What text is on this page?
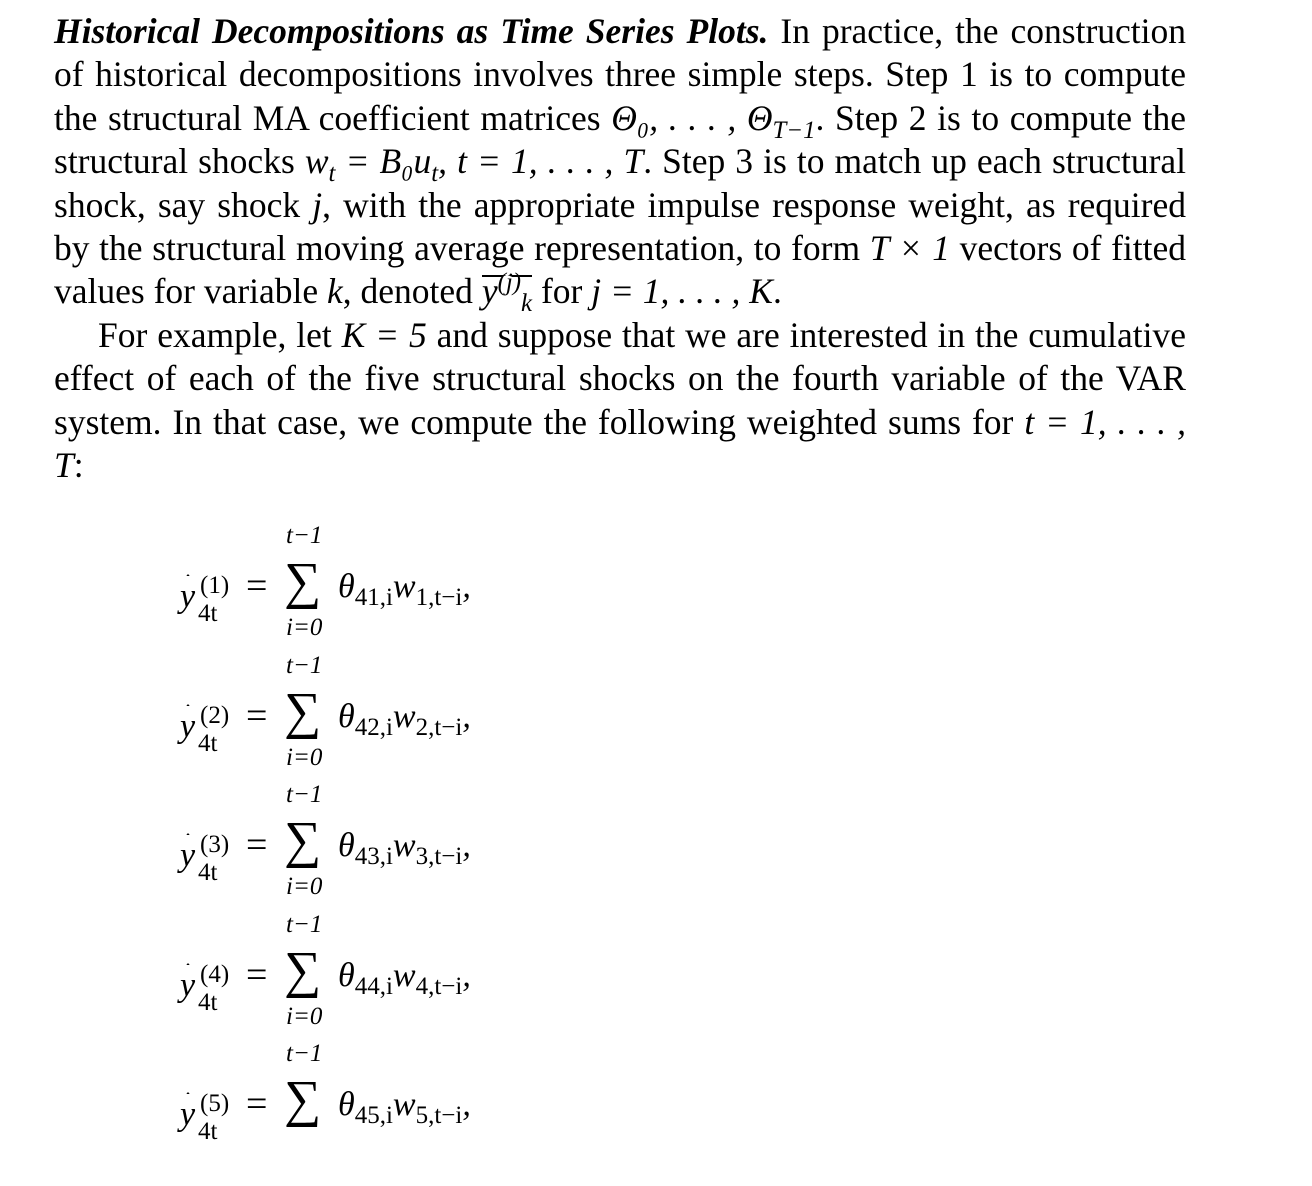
Historical Decompositions as Time Series Plots. In practice, the construction of historical decompositions involves three simple steps. Step 1 is to compute the structural MA coefficient matrices Θ₀, . . . , $\Theta_{T-1}$. Step 2 is to compute the structural shocks $w_t = B_0u_t$, t = 1, . . . , T. Step 3 is to match up each structural shock, say shock j, with the appropriate impulse response weight, as required by the structural moving average representation, to form T × 1 vectors of fitted values for variable k, denoted $y^{(j)}_k$ for j = 1, . . . , K.

For example, let K = 5 and suppose that we are interested in the cumulative effect of each of the five structural shocks on the fourth variable of the VAR system. In that case, we compute the following weighted sums for t = 1, . . . , T:

y (1)
4t
=
t−1
∑
i=0
$\theta_{41,i}w_{1,t-i}$,
y (2)
4t
=
t−1
∑
i=0
$\theta_{42,i}w_{2,t-i}$,
y (3)
4t
=
t−1
∑
i=0
$\theta_{43,i}w_{3,t-i}$,
y (4)
4t
=
t−1
∑
i=0
$\theta_{44,i}w_{4,t-i}$,
y (5)
4t
=
t−1
∑ $\theta_{45,i}w_{5,t-i}$,
